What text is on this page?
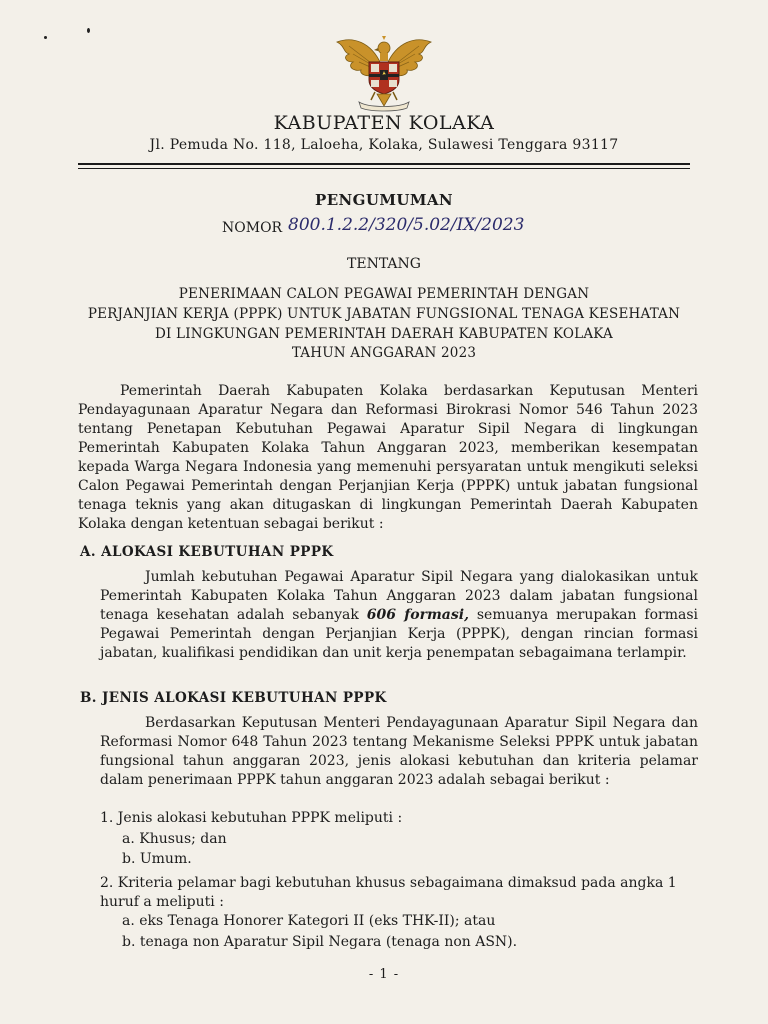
KABUPATEN KOLAKA
Jl. Pemuda No. 118, Laloeha, Kolaka, Sulawesi Tenggara 93117
PENGUMUMAN
NOMOR 800.1.2.2/320/5.02/IX/2023
TENTANG
PENERIMAAN CALON PEGAWAI PEMERINTAH DENGAN
PERJANJIAN KERJA (PPPK) UNTUK JABATAN FUNGSIONAL TENAGA KESEHATAN
DI LINGKUNGAN PEMERINTAH DAERAH KABUPATEN KOLAKA
TAHUN ANGGARAN 2023
Pemerintah Daerah Kabupaten Kolaka berdasarkan Keputusan Menteri Pendayagunaan Aparatur Negara dan Reformasi Birokrasi Nomor 546 Tahun 2023 tentang Penetapan Kebutuhan Pegawai Aparatur Sipil Negara di lingkungan Pemerintah Kabupaten Kolaka Tahun Anggaran 2023, memberikan kesempatan kepada Warga Negara Indonesia yang memenuhi persyaratan untuk mengikuti seleksi Calon Pegawai Pemerintah dengan Perjanjian Kerja (PPPK) untuk jabatan fungsional tenaga teknis yang akan ditugaskan di lingkungan Pemerintah Daerah Kabupaten Kolaka dengan ketentuan sebagai berikut :
A. ALOKASI KEBUTUHAN PPPK
Jumlah kebutuhan Pegawai Aparatur Sipil Negara yang dialokasikan untuk Pemerintah Kabupaten Kolaka Tahun Anggaran 2023 dalam jabatan fungsional tenaga kesehatan adalah sebanyak 606 formasi, semuanya merupakan formasi Pegawai Pemerintah dengan Perjanjian Kerja (PPPK), dengan rincian formasi jabatan, kualifikasi pendidikan dan unit kerja penempatan sebagaimana terlampir.
B. JENIS ALOKASI KEBUTUHAN PPPK
Berdasarkan Keputusan Menteri Pendayagunaan Aparatur Sipil Negara dan Reformasi Nomor 648 Tahun 2023 tentang Mekanisme Seleksi PPPK untuk jabatan fungsional tahun anggaran 2023, jenis alokasi kebutuhan dan kriteria pelamar dalam penerimaan PPPK tahun anggaran 2023 adalah sebagai berikut :
1. Jenis alokasi kebutuhan PPPK meliputi :
a. Khusus; dan
b. Umum.
2. Kriteria pelamar bagi kebutuhan khusus sebagaimana dimaksud pada angka 1 huruf a meliputi :
a. eks Tenaga Honorer Kategori II (eks THK-II); atau
b. tenaga non Aparatur Sipil Negara (tenaga non ASN).
- 1 -
